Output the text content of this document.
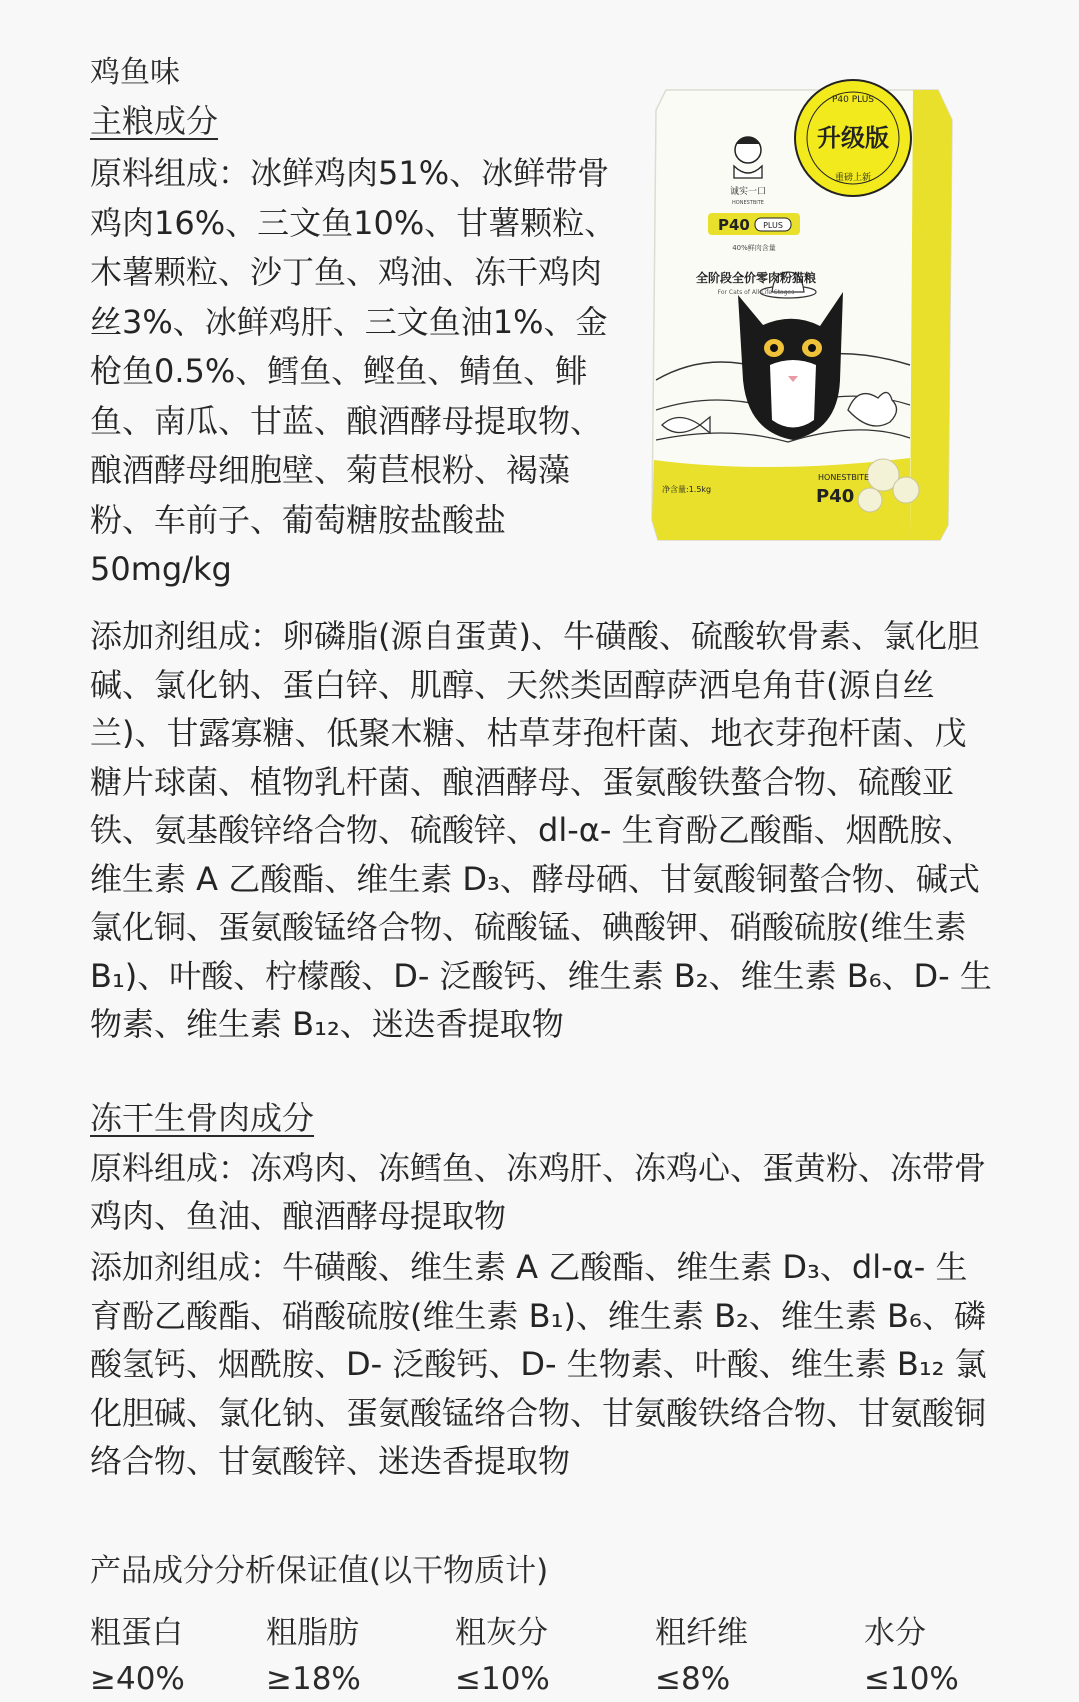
鸡鱼味
主粮成分

原料组成：冰鲜鸡肉51%、冰鲜带骨鸡肉16%、三文鱼10%、甘薯颗粒、木薯颗粒、沙丁鱼、鸡油、冻干鸡肉丝3%、冰鲜鸡肝、三文鱼油1%、金枪鱼0.5%、鳕鱼、鲣鱼、鲭鱼、鲱鱼、南瓜、甘蓝、酿酒酵母提取物、酿酒酵母细胞壁、菊苣根粉、褐藻粉、车前子、葡萄糖胺盐酸盐50mg/kg

添加剂组成：卵磷脂(源自蛋黄)、牛磺酸、硫酸软骨素、氯化胆碱、氯化钠、蛋白锌、肌醇、天然类固醇萨洒皂角苷(源自丝兰)、甘露寡糖、低聚木糖、枯草芽孢杆菌、地衣芽孢杆菌、戊糖片球菌、植物乳杆菌、酿酒酵母、蛋氨酸铁螯合物、硫酸亚铁、氨基酸锌络合物、硫酸锌、dl-α- 生育酚乙酸酯、烟酰胺、维生素 A 乙酸酯、维生素 D₃、酵母硒、甘氨酸铜螯合物、碱式氯化铜、蛋氨酸锰络合物、硫酸锰、碘酸钾、硝酸硫胺(维生素 B₁)、叶酸、柠檬酸、D- 泛酸钙、维生素 B₂、维生素 B₆、D- 生物素、维生素 B₁₂、迷迭香提取物

冻干生骨肉成分

原料组成：冻鸡肉、冻鳕鱼、冻鸡肝、冻鸡心、蛋黄粉、冻带骨鸡肉、鱼油、酿酒酵母提取物

添加剂组成：牛磺酸、维生素 A 乙酸酯、维生素 D₃、dl-α- 生育酚乙酸酯、硝酸硫胺(维生素 B₁)、维生素 B₂、维生素 B₆、磷酸氢钙、烟酰胺、D- 泛酸钙、D- 生物素、叶酸、维生素 B₁₂ 氯化胆碱、氯化钠、蛋氨酸锰络合物、甘氨酸铁络合物、甘氨酸铜络合物、甘氨酸锌、迷迭香提取物

产品成分分析保证值(以干物质计)
粗蛋白
≥40%
粗脂肪
≥18%
粗灰分
≤10%
粗纤维
≤8%
水分
≤10%
诚实一口
HONESTBITE
P40 PLUS
40%鲜肉含量
全阶段全价零肉粉猫粮
For Cats of All Life Stages
净含量:1.5kg
HONESTBITE
P40
P40 PLUS
升级版
重磅上新
